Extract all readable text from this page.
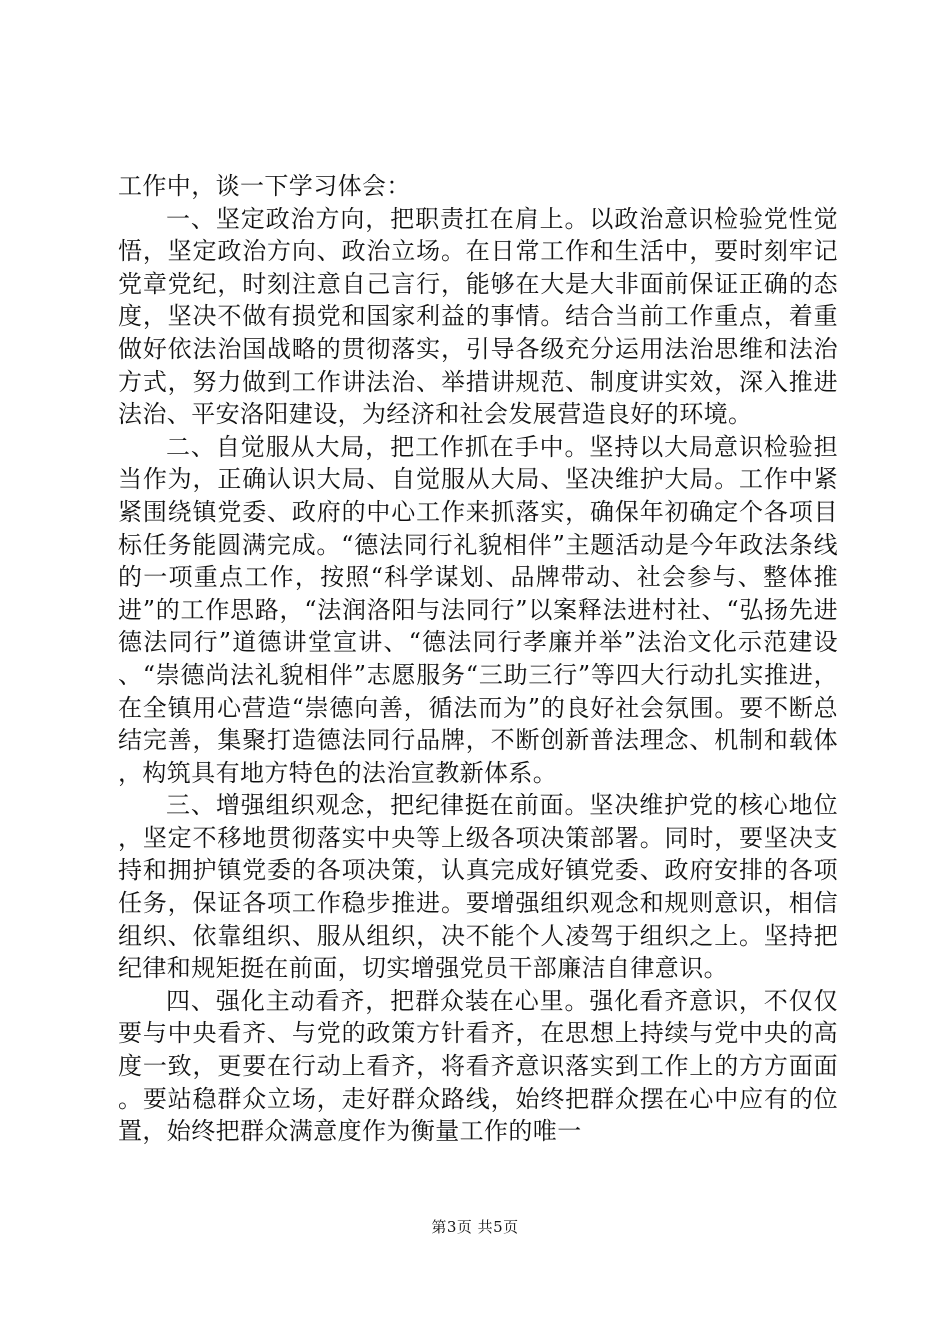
工作中，谈一下学习体会：

一、坚定政治方向，把职责扛在肩上。以政治意识检验党性觉悟，坚定政治方向、政治立场。在日常工作和生活中，要时刻牢记党章党纪，时刻注意自己言行，能够在大是大非面前保证正确的态度，坚决不做有损党和国家利益的事情。结合当前工作重点，着重做好依法治国战略的贯彻落实，引导各级充分运用法治思维和法治方式，努力做到工作讲法治、举措讲规范、制度讲实效，深入推进法治、平安洛阳建设，为经济和社会发展营造良好的环境。

二、自觉服从大局，把工作抓在手中。坚持以大局意识检验担当作为，正确认识大局、自觉服从大局、坚决维护大局。工作中紧紧围绕镇党委、政府的中心工作来抓落实，确保年初确定个各项目标任务能圆满完成。“德法同行礼貌相伴”主题活动是今年政法条线的一项重点工作，按照“科学谋划、品牌带动、社会参与、整体推进”的工作思路，“法润洛阳与法同行”以案释法进村社、“弘扬先进德法同行”道德讲堂宣讲、“德法同行孝廉并举”法治文化示范建设、“崇德尚法礼貌相伴”志愿服务“三助三行”等四大行动扎实推进，在全镇用心营造“崇德向善，循法而为”的良好社会氛围。要不断总结完善，集聚打造德法同行品牌，不断创新普法理念、机制和载体，构筑具有地方特色的法治宣教新体系。

三、增强组织观念，把纪律挺在前面。坚决维护党的核心地位，坚定不移地贯彻落实中央等上级各项决策部署。同时，要坚决支持和拥护镇党委的各项决策，认真完成好镇党委、政府安排的各项任务，保证各项工作稳步推进。要增强组织观念和规则意识，相信组织、依靠组织、服从组织，决不能个人凌驾于组织之上。坚持把纪律和规矩挺在前面，切实增强党员干部廉洁自律意识。

四、强化主动看齐，把群众装在心里。强化看齐意识，不仅仅要与中央看齐、与党的政策方针看齐，在思想上持续与党中央的高度一致，更要在行动上看齐，将看齐意识落实到工作上的方方面面。要站稳群众立场，走好群众路线，始终把群众摆在心中应有的位置，始终把群众满意度作为衡量工作的唯一

第3页 共5页
